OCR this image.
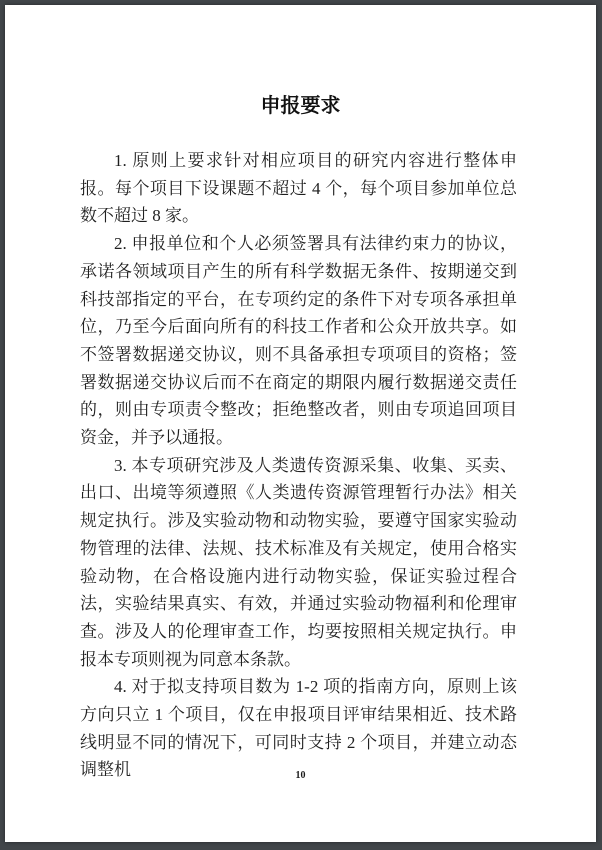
申报要求

1. 原则上要求针对相应项目的研究内容进行整体申报。每个项目下设课题不超过 4 个，每个项目参加单位总数不超过 8 家。

2. 申报单位和个人必须签署具有法律约束力的协议，承诺各领域项目产生的所有科学数据无条件、按期递交到科技部指定的平台，在专项约定的条件下对专项各承担单位，乃至今后面向所有的科技工作者和公众开放共享。如不签署数据递交协议，则不具备承担专项项目的资格；签署数据递交协议后而不在商定的期限内履行数据递交责任的，则由专项责令整改；拒绝整改者，则由专项追回项目资金，并予以通报。

3. 本专项研究涉及人类遗传资源采集、收集、买卖、出口、出境等须遵照《人类遗传资源管理暂行办法》相关规定执行。涉及实验动物和动物实验，要遵守国家实验动物管理的法律、法规、技术标准及有关规定，使用合格实验动物，在合格设施内进行动物实验，保证实验过程合法，实验结果真实、有效，并通过实验动物福利和伦理审查。涉及人的伦理审查工作，均要按照相关规定执行。申报本专项则视为同意本条款。

4. 对于拟支持项目数为 1-2 项的指南方向，原则上该方向只立 1 个项目，仅在申报项目评审结果相近、技术路线明显不同的情况下，可同时支持 2 个项目，并建立动态调整机	10
